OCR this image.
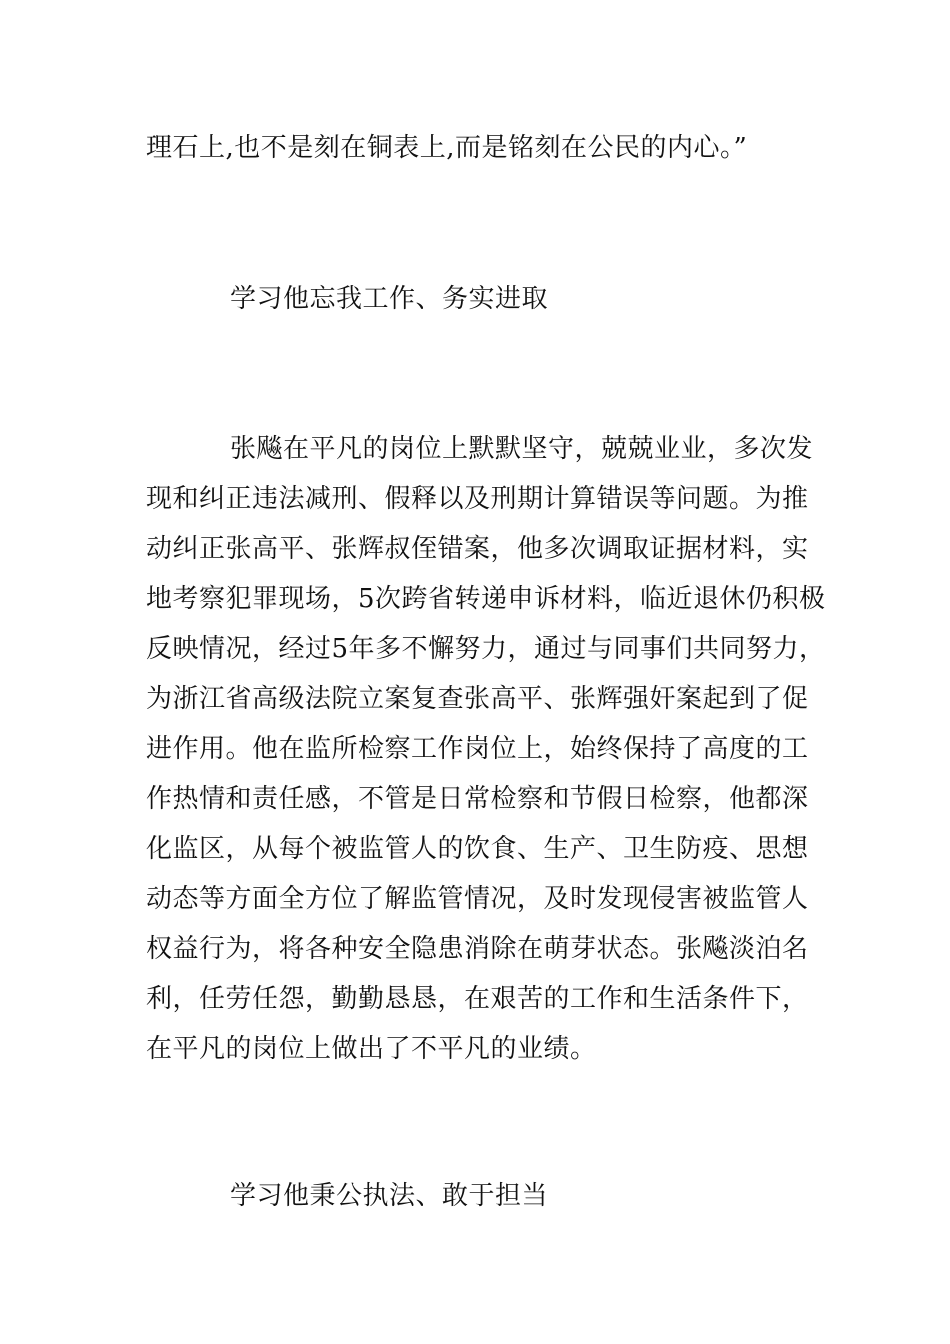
理石上,也不是刻在铜表上,而是铭刻在公民的内心。”
学习他忘我工作、务实进取
张飚在平凡的岗位上默默坚守，兢兢业业，多次发
现和纠正违法减刑、假释以及刑期计算错误等问题。为推
动纠正张高平、张辉叔侄错案，他多次调取证据材料，实
地考察犯罪现场，5次跨省转递申诉材料，临近退休仍积极
反映情况，经过5年多不懈努力，通过与同事们共同努力，
为浙江省高级法院立案复查张高平、张辉强奸案起到了促
进作用。他在监所检察工作岗位上，始终保持了高度的工
作热情和责任感，不管是日常检察和节假日检察，他都深
化监区，从每个被监管人的饮食、生产、卫生防疫、思想
动态等方面全方位了解监管情况，及时发现侵害被监管人
权益行为，将各种安全隐患消除在萌芽状态。张飚淡泊名
利，任劳任怨，勤勤恳恳，在艰苦的工作和生活条件下，
在平凡的岗位上做出了不平凡的业绩。
学习他秉公执法、敢于担当
